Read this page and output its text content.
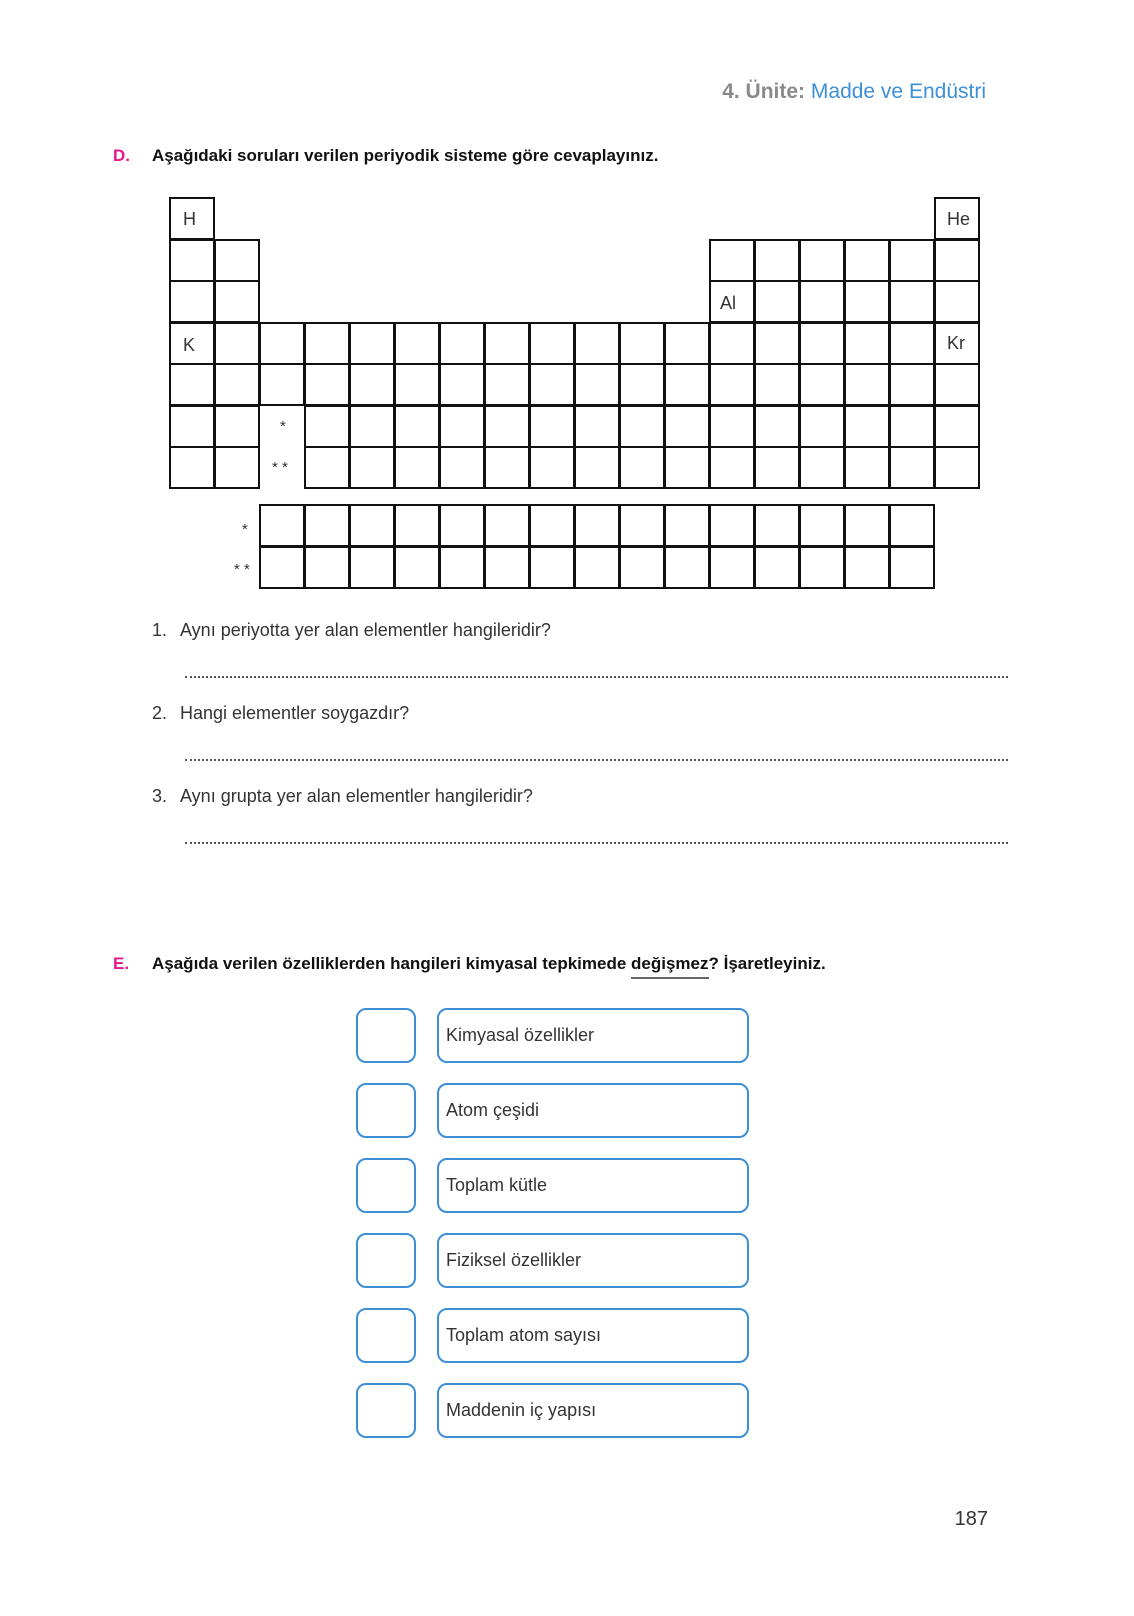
4. Ünite: Madde ve Endüstri
D. Aşağıdaki soruları verilen periyodik sisteme göre cevaplayınız.
H	He
Al
K	Kr
*
* *
*
* *
1. Aynı periyotta yer alan elementler hangileridir?
2. Hangi elementler soygazdır?
3. Aynı grupta yer alan elementler hangileridir?
E. Aşağıda verilen özelliklerden hangileri kimyasal tepkimede değişmez? İşaretleyiniz.
Kimyasal özellikler
Atom çeşidi
Toplam kütle
Fiziksel özellikler
Toplam atom sayısı
Maddenin iç yapısı
187
